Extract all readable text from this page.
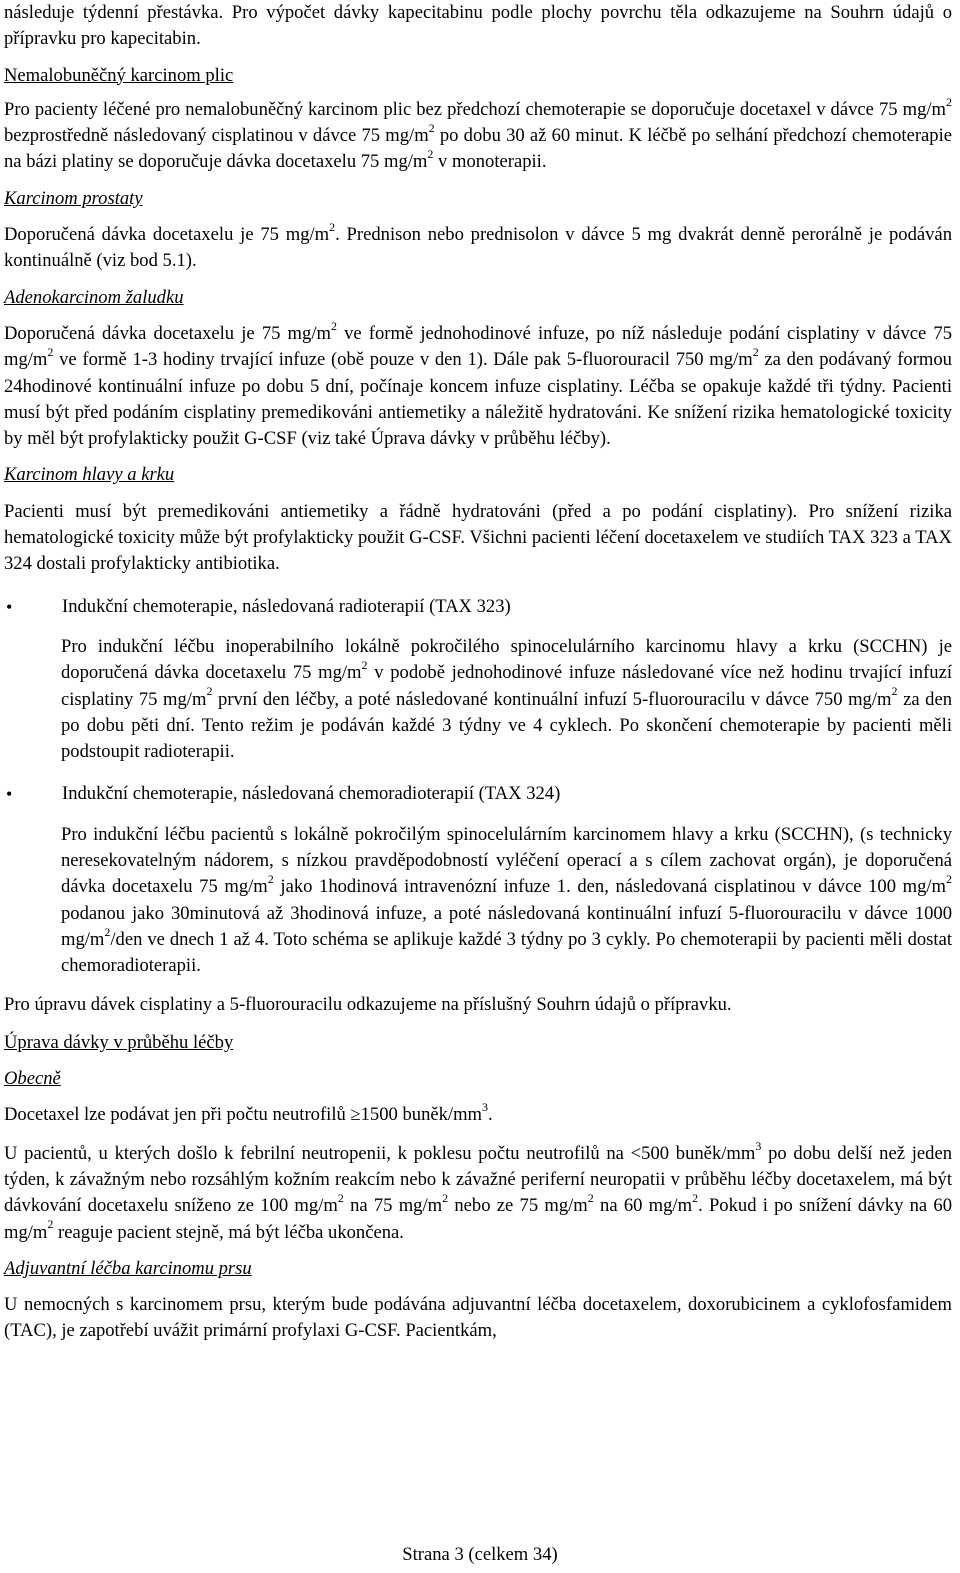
následuje týdenní přestávka. Pro výpočet dávky kapecitabinu podle plochy povrchu těla odkazujeme na Souhrn údajů o přípravku pro kapecitabin.

Nemalobuněčný karcinom plic

Pro pacienty léčené pro nemalobuněčný karcinom plic bez předchozí chemoterapie se doporučuje docetaxel v dávce 75 $mg/m^2$ bezprostředně následovaný cisplatinou v dávce 75 $mg/m^2$ po dobu 30 až 60 minut. K léčbě po selhání předchozí chemoterapie na bázi platiny se doporučuje dávka docetaxelu 75 $mg/m^2$ v monoterapii.

Karcinom prostaty

Doporučená dávka docetaxelu je 75 $mg/m^2$. Prednison nebo prednisolon v dávce 5 mg dvakrát denně perorálně je podáván kontinuálně (viz bod 5.1).

Adenokarcinom žaludku

Doporučená dávka docetaxelu je 75 $mg/m^2$ ve formě jednohodinové infuze, po níž následuje podání cisplatiny v dávce 75 $mg/m^2$ ve formě 1-3 hodiny trvající infuze (obě pouze v den 1). Dále pak 5-fluorouracil 750 $mg/m^2$ za den podávaný formou 24hodinové kontinuální infuze po dobu 5 dní, počínaje koncem infuze cisplatiny. Léčba se opakuje každé tři týdny. Pacienti musí být před podáním cisplatiny premedikováni antiemetiky a náležitě hydratováni. Ke snížení rizika hematologické toxicity by měl být profylakticky použit G-CSF (viz také Úprava dávky v průběhu léčby).

Karcinom hlavy a krku

Pacienti musí být premedikováni antiemetiky a řádně hydratováni (před a po podání cisplatiny). Pro snížení rizika hematologické toxicity může být profylakticky použit G-CSF. Všichni pacienti léčení docetaxelem ve studiích TAX 323 a TAX 324 dostali profylakticky antibiotika.

•	Indukční chemoterapie, následovaná radioterapií (TAX 323)

Pro indukční léčbu inoperabilního lokálně pokročilého spinocelulárního karcinomu hlavy a krku (SCCHN) je doporučená dávka docetaxelu 75 $mg/m^2$ v podobě jednohodinové infuze následované více než hodinu trvající infuzí cisplatiny 75 $mg/m^2$ první den léčby, a poté následované kontinuální infuzí 5-fluorouracilu v dávce 750 $mg/m^2$ za den po dobu pěti dní. Tento režim je podáván každé 3 týdny ve 4 cyklech. Po skončení chemoterapie by pacienti měli podstoupit radioterapii.

•	Indukční chemoterapie, následovaná chemoradioterapií (TAX 324)

Pro indukční léčbu pacientů s lokálně pokročilým spinocelulárním karcinomem hlavy a krku (SCCHN), (s technicky neresekovatelným nádorem, s nízkou pravděpodobností vyléčení operací a s cílem zachovat orgán), je doporučená dávka docetaxelu 75 $mg/m^2$ jako 1hodinová intravenózní infuze 1. den, následovaná cisplatinou v dávce 100 $mg/m^2$ podanou jako 30minutová až 3hodinová infuze, a poté následovaná kontinuální infuzí 5-fluorouracilu v dávce 1000 $mg/m^2$/den ve dnech 1 až 4. Toto schéma se aplikuje každé 3 týdny po 3 cykly. Po chemoterapii by pacienti měli dostat chemoradioterapii.

Pro úpravu dávek cisplatiny a 5-fluorouracilu odkazujeme na příslušný Souhrn údajů o přípravku.

Úprava dávky v průběhu léčby

Obecně

Docetaxel lze podávat jen při počtu neutrofilů ≥1500 buněk/$mm^3$.

U pacientů, u kterých došlo k febrilní neutropenii, k poklesu počtu neutrofilů na <500 buněk/$mm^3$ po dobu delší než jeden týden, k závažným nebo rozsáhlým kožním reakcím nebo k závažné periferní neuropatii v průběhu léčby docetaxelem, má být dávkování docetaxelu sníženo ze 100 $mg/m^2$ na 75 $mg/m^2$ nebo ze 75 $mg/m^2$ na 60 $mg/m^2$. Pokud i po snížení dávky na 60 $mg/m^2$ reaguje pacient stejně, má být léčba ukončena.

Adjuvantní léčba karcinomu prsu

U nemocných s karcinomem prsu, kterým bude podávána adjuvantní léčba docetaxelem, doxorubicinem a cyklofosfamidem (TAC), je zapotřebí uvážit primární profylaxi G-CSF. Pacientkám,

Strana 3 (celkem 34)
